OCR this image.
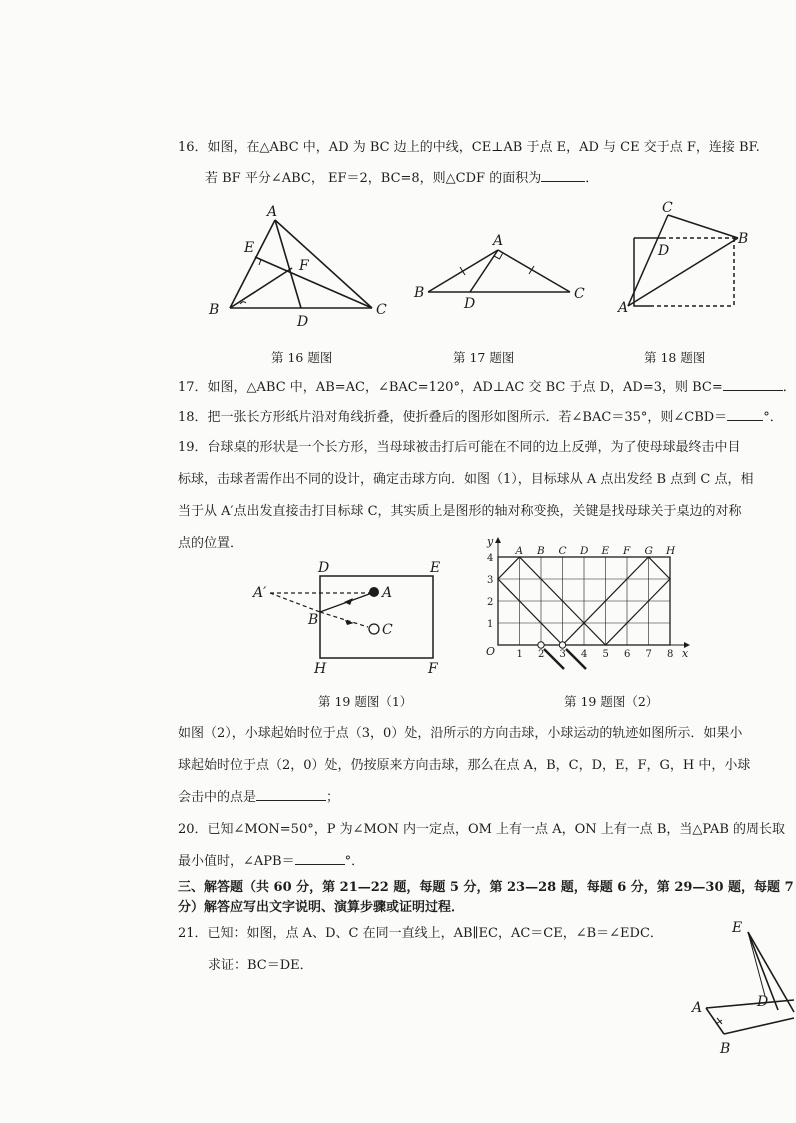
16．如图，在△ABC 中，AD 为 BC 边上的中线，CE⊥AB 于点 E，AD 与 CE 交于点 F，连接 BF.
若 BF 平分∠ABC， EF＝2，BC=8，则△CDF 的面积为	．
A
E
F
B
D
C
A
B
D
C
C
D
B
A
第 16 题图	第 17 题图	第 18 题图
17．如图，△ABC 中，AB=AC，∠BAC=120°，AD⊥AC 交 BC 于点 D，AD=3，则 BC=	．
18．把一张长方形纸片沿对角线折叠，使折叠后的图形如图所示．若∠BAC＝35°，则∠CBD＝	°．
19．台球桌的形状是一个长方形，当母球被击打后可能在不同的边上反弹，为了使母球最终击中目
标球，击球者需作出不同的设计，确定击球方向．如图（1），目标球从 A 点出发经 B 点到 C 点，相
当于从 A′点出发直接击打目标球 C，其实质上是图形的轴对称变换，关键是找母球关于桌边的对称
点的位置．
D	E
H	F
A′	A
B
C
A B C D E F G H
1 2 3 4 5 6 7 8
1
2
3
4
O	x
y
第 19 题图（1）	第 19 题图（2）
如图（2），小球起始时位于点（3，0）处，沿所示的方向击球，小球运动的轨迹如图所示．如果小
球起始时位于点（2，0）处，仍按原来方向击球，那么在点 A，B，C，D，E，F，G，H 中，小球
会击中的点是	；
20．已知∠MON=50°，P 为∠MON 内一定点，OM 上有一点 A，ON 上有一点 B，当△PAB 的周长取
最小值时，∠APB＝	°．
三、解答题（共 60 分，第 21—22 题，每题 5 分，第 23—28 题，每题 6 分，第 29—30 题，每题 7
分）解答应写出文字说明、演算步骤或证明过程．
21．已知：如图，点 A、D、C 在同一直线上，AB∥EC，AC＝CE，∠B＝∠EDC．
求证：BC＝DE．
E
D
A
B
